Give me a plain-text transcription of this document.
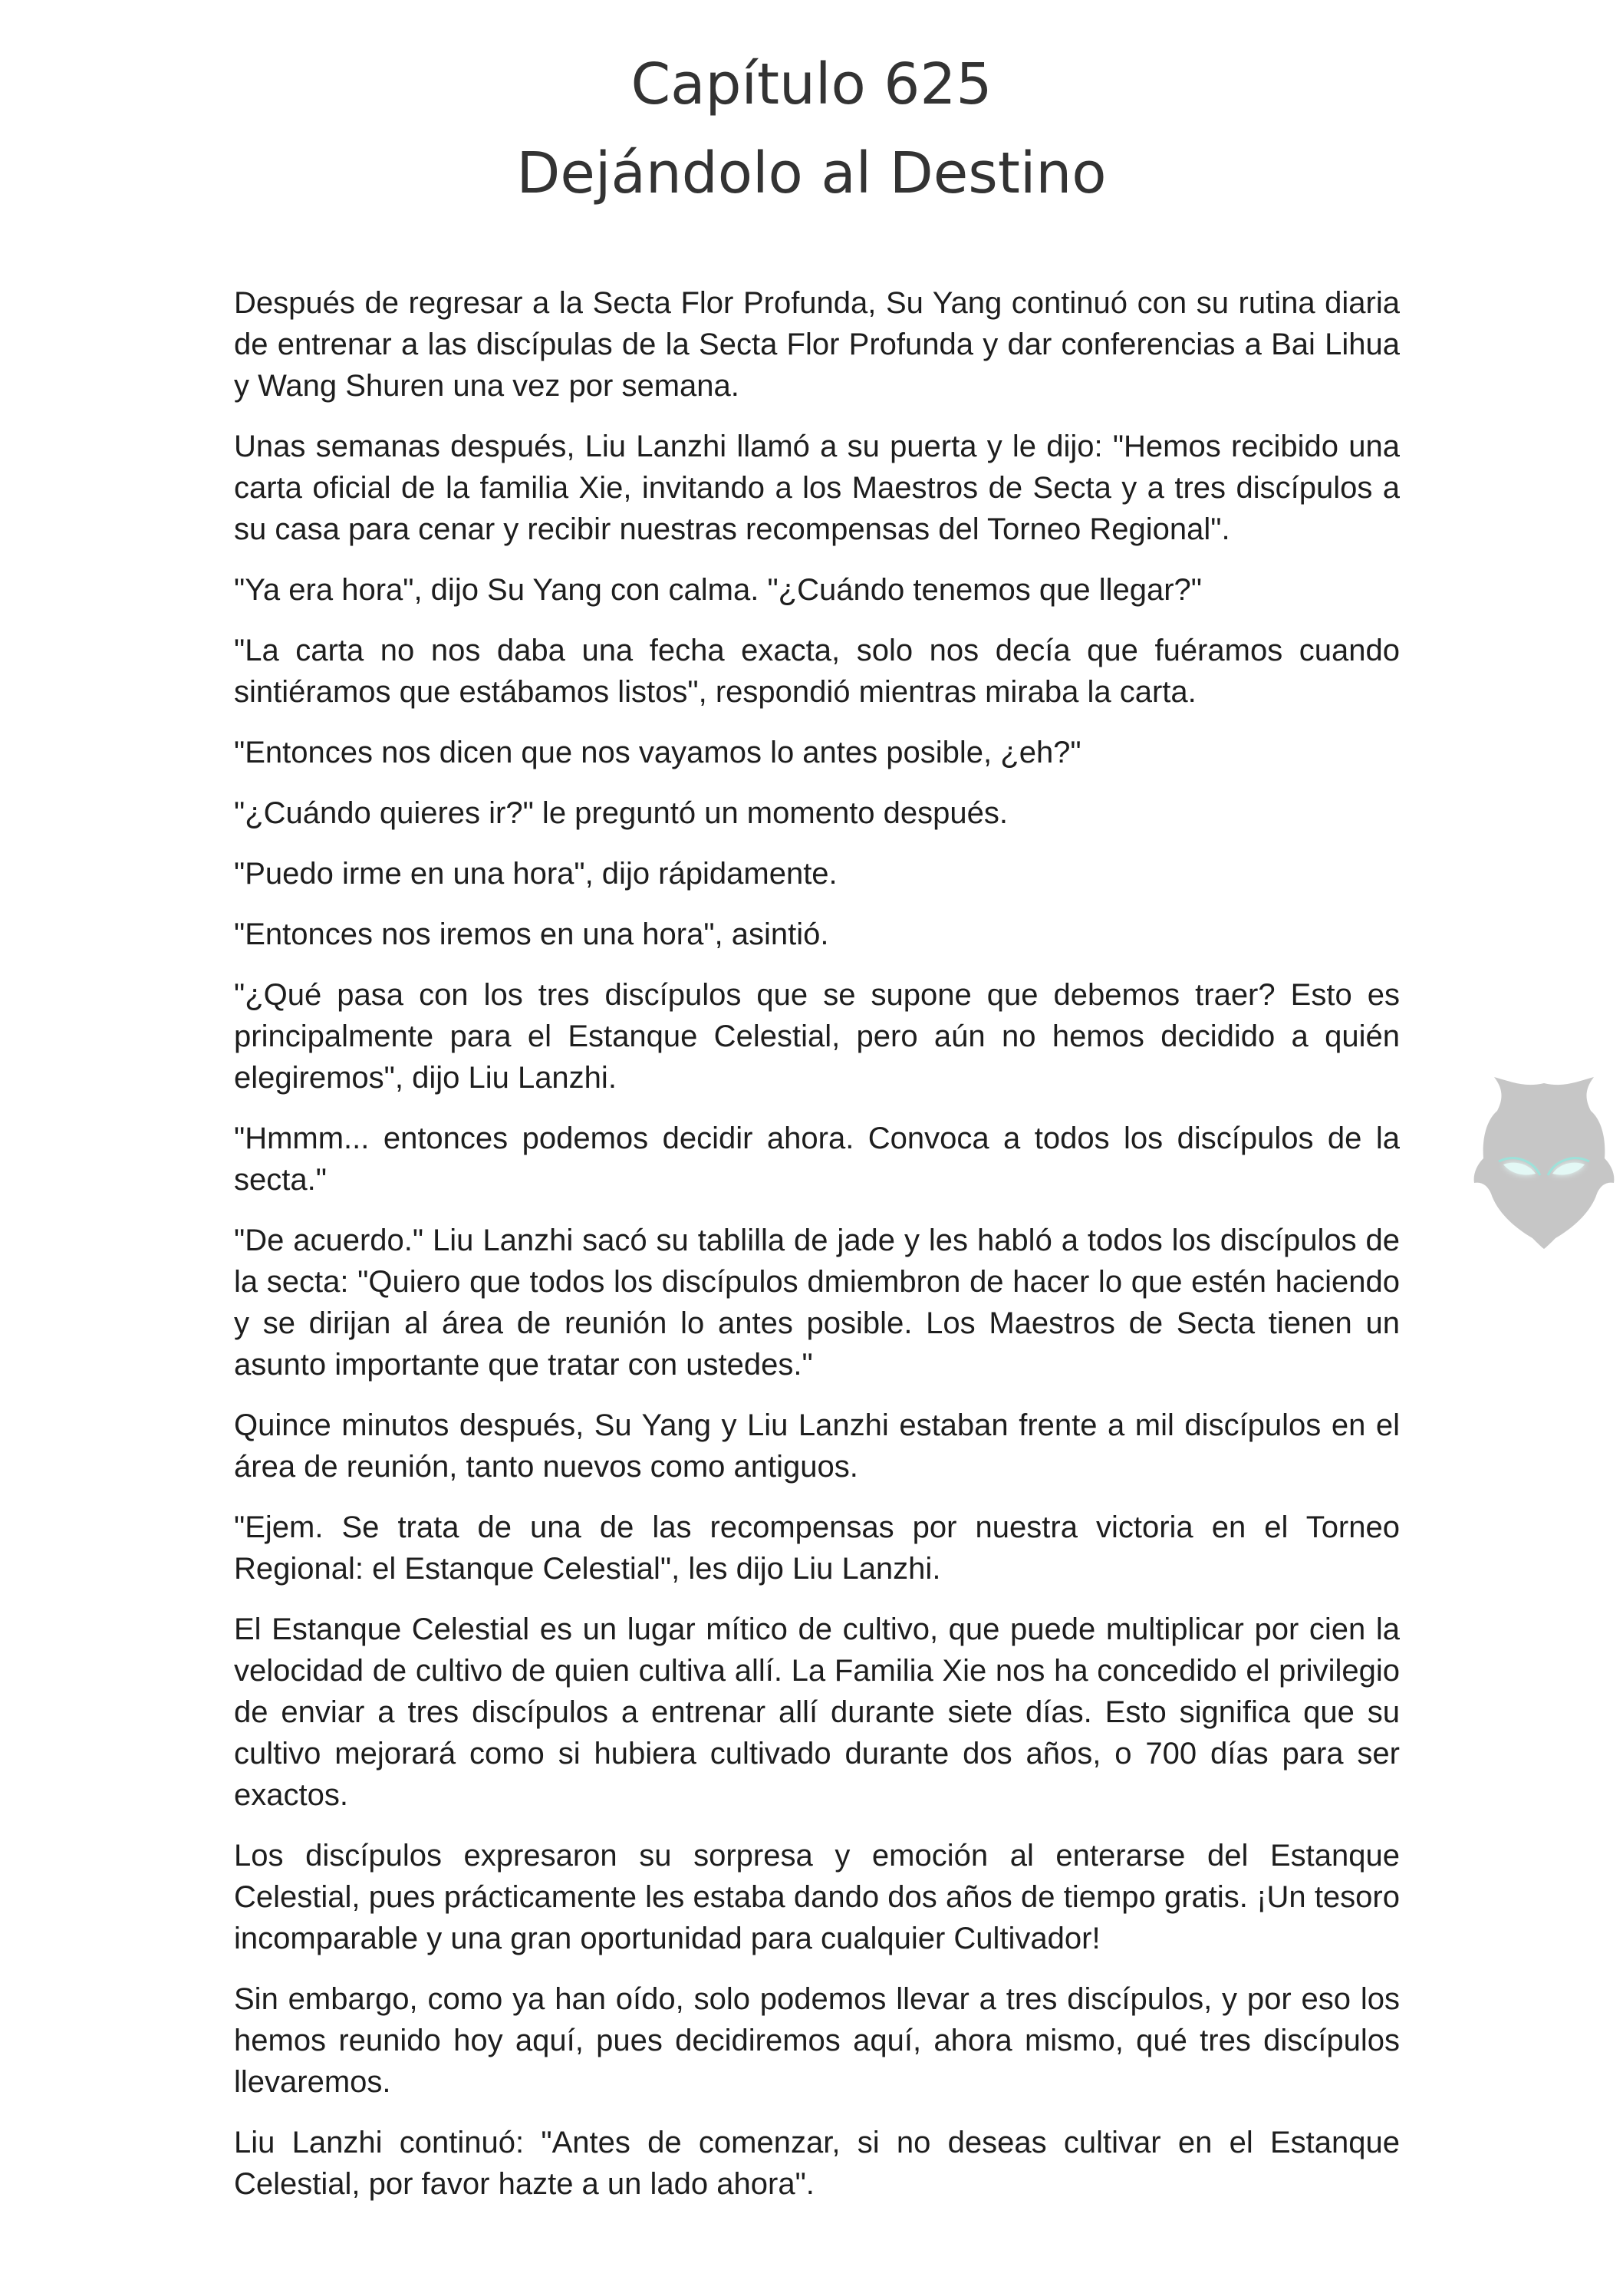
Capítulo 625
Dejándolo al Destino

Después de regresar a la Secta Flor Profunda, Su Yang continuó con su rutina diaria de entrenar a las discípulas de la Secta Flor Profunda y dar conferencias a Bai Lihua y Wang Shuren una vez por semana.

Unas semanas después, Liu Lanzhi llamó a su puerta y le dijo: "Hemos recibido una carta oficial de la familia Xie, invitando a los Maestros de Secta y a tres discípulos a su casa para cenar y recibir nuestras recompensas del Torneo Regional".

"Ya era hora", dijo Su Yang con calma. "¿Cuándo tenemos que llegar?"

"La carta no nos daba una fecha exacta, solo nos decía que fuéramos cuando sintiéramos que estábamos listos", respondió mientras miraba la carta.

"Entonces nos dicen que nos vayamos lo antes posible, ¿eh?"

"¿Cuándo quieres ir?" le preguntó un momento después.

"Puedo irme en una hora", dijo rápidamente.

"Entonces nos iremos en una hora", asintió.

"¿Qué pasa con los tres discípulos que se supone que debemos traer? Esto es principalmente para el Estanque Celestial, pero aún no hemos decidido a quién elegiremos", dijo Liu Lanzhi.

"Hmmm... entonces podemos decidir ahora. Convoca a todos los discípulos de la secta."

"De acuerdo." Liu Lanzhi sacó su tablilla de jade y les habló a todos los discípulos de la secta: "Quiero que todos los discípulos dmiembron de hacer lo que estén haciendo y se dirijan al área de reunión lo antes posible. Los Maestros de Secta tienen un asunto importante que tratar con ustedes."

Quince minutos después, Su Yang y Liu Lanzhi estaban frente a mil discípulos en el área de reunión, tanto nuevos como antiguos.

"Ejem. Se trata de una de las recompensas por nuestra victoria en el Torneo Regional: el Estanque Celestial", les dijo Liu Lanzhi.

El Estanque Celestial es un lugar mítico de cultivo, que puede multiplicar por cien la velocidad de cultivo de quien cultiva allí. La Familia Xie nos ha concedido el privilegio de enviar a tres discípulos a entrenar allí durante siete días. Esto significa que su cultivo mejorará como si hubiera cultivado durante dos años, o 700 días para ser exactos.

Los discípulos expresaron su sorpresa y emoción al enterarse del Estanque Celestial, pues prácticamente les estaba dando dos años de tiempo gratis. ¡Un tesoro incomparable y una gran oportunidad para cualquier Cultivador!

Sin embargo, como ya han oído, solo podemos llevar a tres discípulos, y por eso los hemos reunido hoy aquí, pues decidiremos aquí, ahora mismo, qué tres discípulos llevaremos.

Liu Lanzhi continuó: "Antes de comenzar, si no deseas cultivar en el Estanque Celestial, por favor hazte a un lado ahora".
